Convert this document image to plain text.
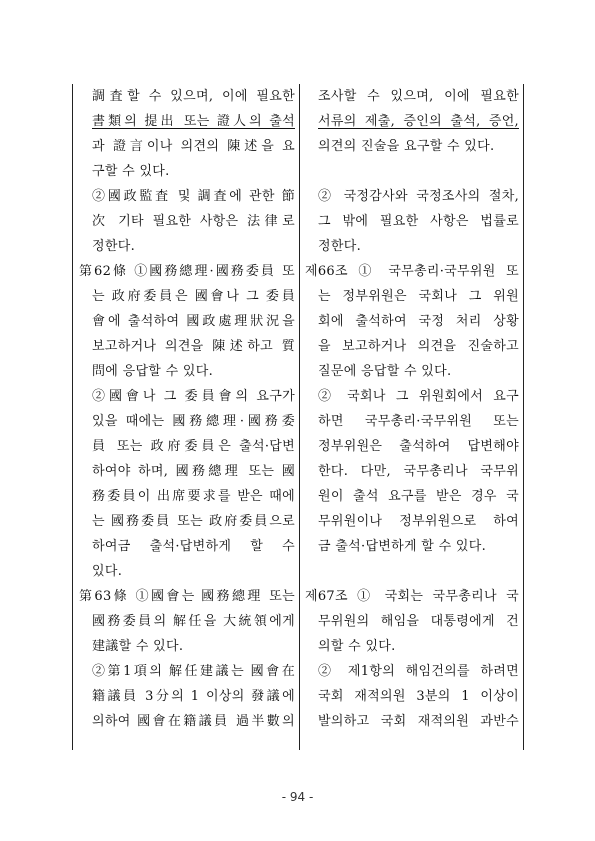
調査할 수 있으며, 이에 필요한
書類의 提出 또는 證人의 출석
과 證言이나 의견의 陳述을 요
구할 수 있다.
②國政監査 및 調査에 관한 節
次 기타 필요한 사항은 法律로
정한다.
第62條 ①國務總理·國務委員 또
는 政府委員은 國會나 그 委員
會에 출석하여 國政處理狀況을
보고하거나 의견을 陳述하고 質
問에 응답할 수 있다.
②國會나 그 委員會의 요구가
있을 때에는 國務總理·國務委
員 또는 政府委員은 출석·답변
하여야 하며, 國務總理 또는 國
務委員이 出席要求를 받은 때에
는 國務委員 또는 政府委員으로
하여금 출석·답변하게 할 수
있다.
第63條 ①國會는 國務總理 또는
國務委員의 解任을 大統領에게
建議할 수 있다.
②第1項의 解任建議는 國會在
籍議員 3分의 1 이상의 發議에
의하여 國會在籍議員 過半數의
조사할 수 있으며, 이에 필요한
서류의 제출, 증인의 출석, 증언,
의견의 진술을 요구할 수 있다.
② 국정감사와 국정조사의 절차,
그 밖에 필요한 사항은 법률로
정한다.
제66조 ① 국무총리·국무위원 또
는 정부위원은 국회나 그 위원
회에 출석하여 국정 처리 상황
을 보고하거나 의견을 진술하고
질문에 응답할 수 있다.
② 국회나 그 위원회에서 요구
하면 국무총리·국무위원 또는
정부위원은 출석하여 답변해야
한다. 다만, 국무총리나 국무위
원이 출석 요구를 받은 경우 국
무위원이나 정부위원으로 하여
금 출석·답변하게 할 수 있다.
제67조 ① 국회는 국무총리나 국
무위원의 해임을 대통령에게 건
의할 수 있다.
② 제1항의 해임건의를 하려면
국회 재적의원 3분의 1 이상이
발의하고 국회 재적의원 과반수
- 94 -
